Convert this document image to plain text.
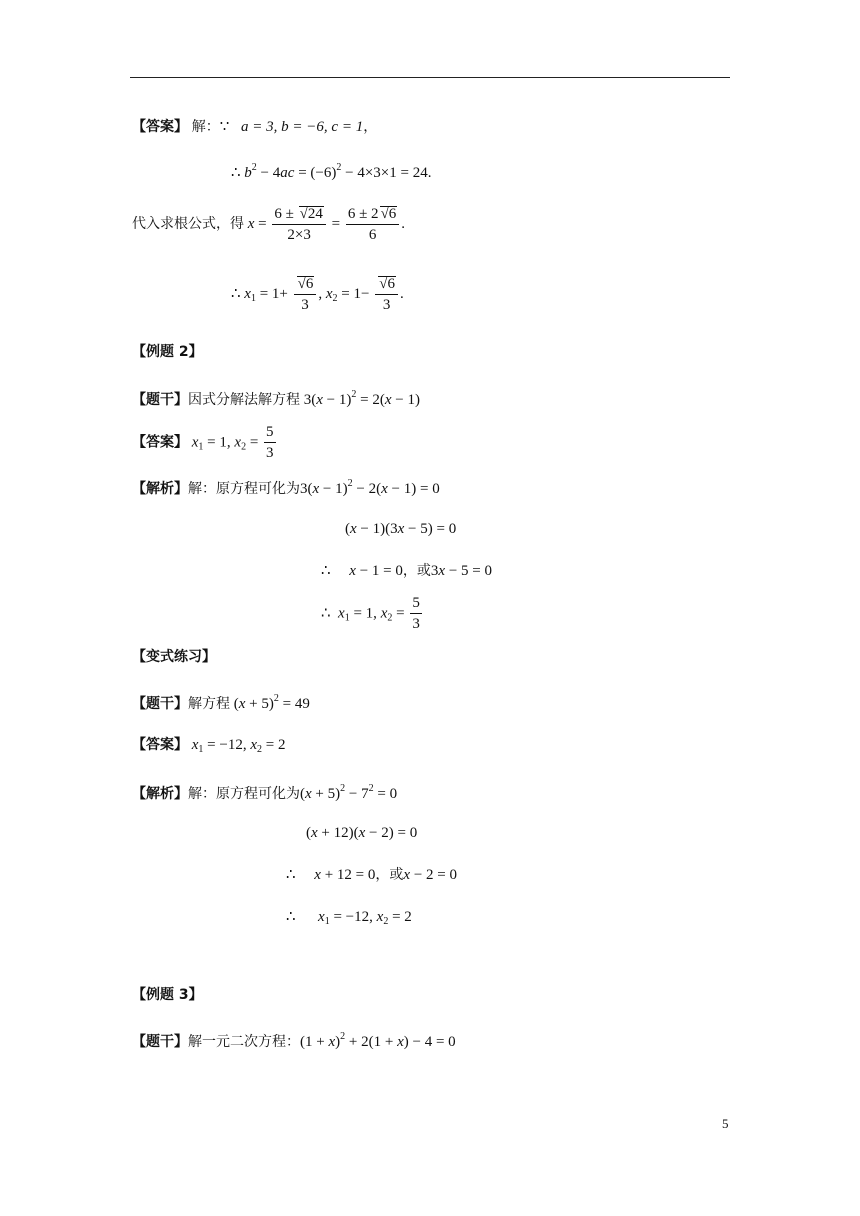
【答案】 解：∵ a = 3, b = −6, c = 1，
∴ $b^2 - 4ac = (-6)^2 - 4\times 3\times 1 = 24$.
代入求根公式，得 $x = \frac{6 \pm √ 24}{2\times 3} = \frac{6 \pm 2 √ 6}{6}$ .
∴ $x_1 = 1+$ √ $\frac{6}{3}$ , $x_2 = 1-$ √ $\frac{6}{3}$ .
【例题 2】
【题干】因式分解法解方程 $3(x - 1)^2 = 2(x - 1)$
【答案】 $x_1 = 1$, $x_2 = \frac{5}{3}$
【解析】解：原方程可化为$3(x - 1)^2 - 2(x - 1) = 0$
(x − 1)(3x − 5) = 0
∴     x − 1 = 0，或3x − 5 = 0
∴  $x_1 = 1$, $x_2 = \frac{5}{3}$
【变式练习】
【题干】解方程 $(x + 5)^2 = 49$
【答案】 $x_1 = -12$, $x_2 = 2$
【解析】解：原方程可化为$(x + 5)^2 - 7^2 = 0$
(x + 12)(x − 2) = 0
∴     x + 12 = 0，或x − 2 = 0
∴      $x_1 = -12$, $x_2 = 2$
【例题 3】
【题干】解一元二次方程：$(1 + x)^2 + 2(1 + x) - 4 = 0$
5
